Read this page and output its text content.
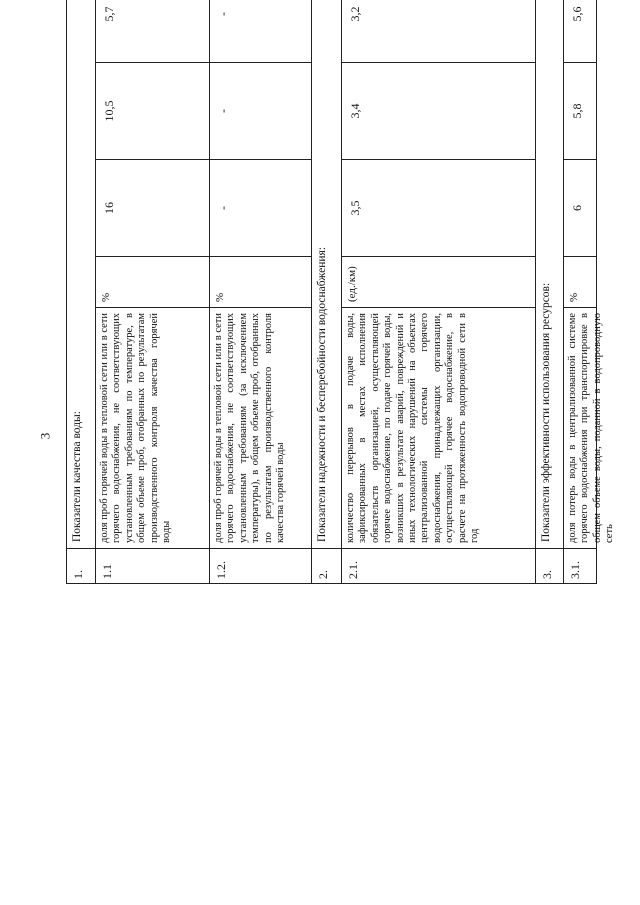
3
1.
Показатели качества воды:
1.1
доля проб горячей воды в тепловой сети или в сети горячего водоснабжения, не соответствующих установленным требованиям по температуре, в общем объеме проб, отобранных по результатам производственного контроля качества горячей воды
%
16
10,5
5,7
1.2.
доля проб горячей воды в тепловой сети или в сети горячего водоснабжения, не соответствующих установленным требованиям (за исключением температуры), в общем объеме проб, отобранных по результатам производственного контроля качества горячей воды
%
-
-
-
2.
Показатели надежности и бесперебойности водоснабжения:
2.1.
количество перерывов в подаче воды, зафиксированных в местах исполнения обязательств организацией, осуществляющей горячее водоснабжение, по подаче горячей воды, возникших в результате аварий, повреждений и иных технологических нарушений на объектах централизованной системы горячего водоснабжения, принадлежащих организации, осуществляющей горячее водоснабжение, в расчете на протяженность водопроводной сети в год
(ед./км)
3,5
3,4
3,2
3.
Показатели эффективности использования ресурсов:
3.1.
доля потерь воды в централизованной системе горячего водоснабжения при транспортировке в общем объеме воды, поданной в водопроводную сеть
%
6
5,8
5,6
